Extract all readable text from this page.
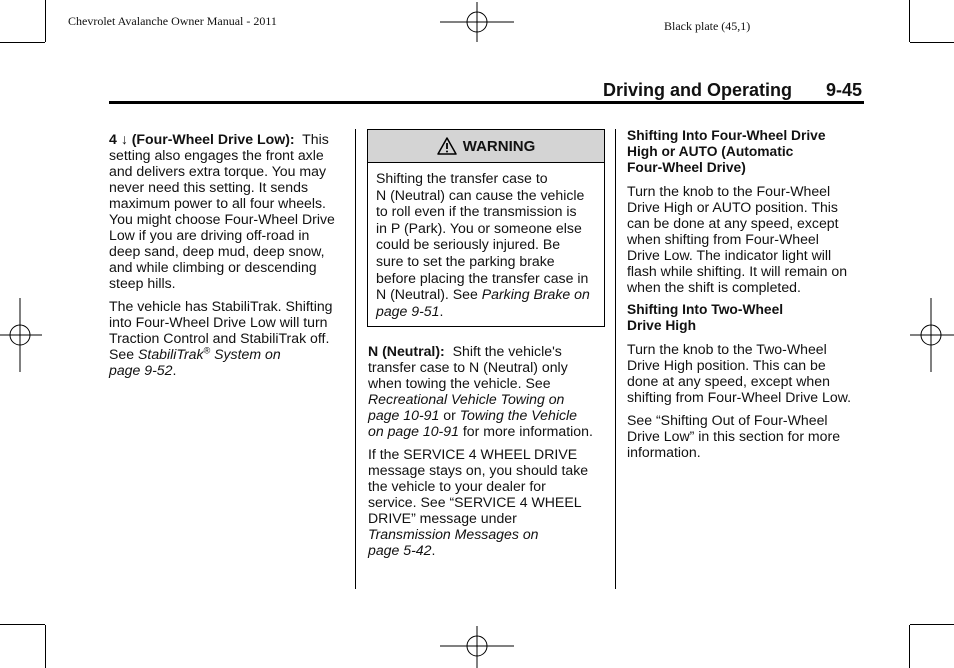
Chevrolet Avalanche Owner Manual - 2011	Black plate (45,1)
Driving and Operating 9-45

4 ↓ (Four-Wheel Drive Low): This
setting also engages the front axle
and delivers extra torque. You may
never need this setting. It sends
maximum power to all four wheels.
You might choose Four-Wheel Drive
Low if you are driving off-road in
deep sand, deep mud, deep snow,
and while climbing or descending
steep hills.

The vehicle has StabiliTrak. Shifting
into Four-Wheel Drive Low will turn
Traction Control and StabiliTrak off.
See StabiliTrak® System on
page 9-52.

WARNING
Shifting the transfer case to
N (Neutral) can cause the vehicle
to roll even if the transmission is
in P (Park). You or someone else
could be seriously injured. Be
sure to set the parking brake
before placing the transfer case in
N (Neutral). See Parking Brake on
page 9-51.

N (Neutral): Shift the vehicle's
transfer case to N (Neutral) only
when towing the vehicle. See
Recreational Vehicle Towing on
page 10-91 or Towing the Vehicle
on page 10-91 for more information.

If the SERVICE 4 WHEEL DRIVE
message stays on, you should take
the vehicle to your dealer for
service. See “SERVICE 4 WHEEL
DRIVE” message under
Transmission Messages on
page 5-42.

Shifting Into Four-Wheel Drive
High or AUTO (Automatic
Four-Wheel Drive)

Turn the knob to the Four-Wheel
Drive High or AUTO position. This
can be done at any speed, except
when shifting from Four-Wheel
Drive Low. The indicator light will
flash while shifting. It will remain on
when the shift is completed.

Shifting Into Two-Wheel
Drive High

Turn the knob to the Two-Wheel
Drive High position. This can be
done at any speed, except when
shifting from Four-Wheel Drive Low.

See “Shifting Out of Four-Wheel
Drive Low” in this section for more
information.
